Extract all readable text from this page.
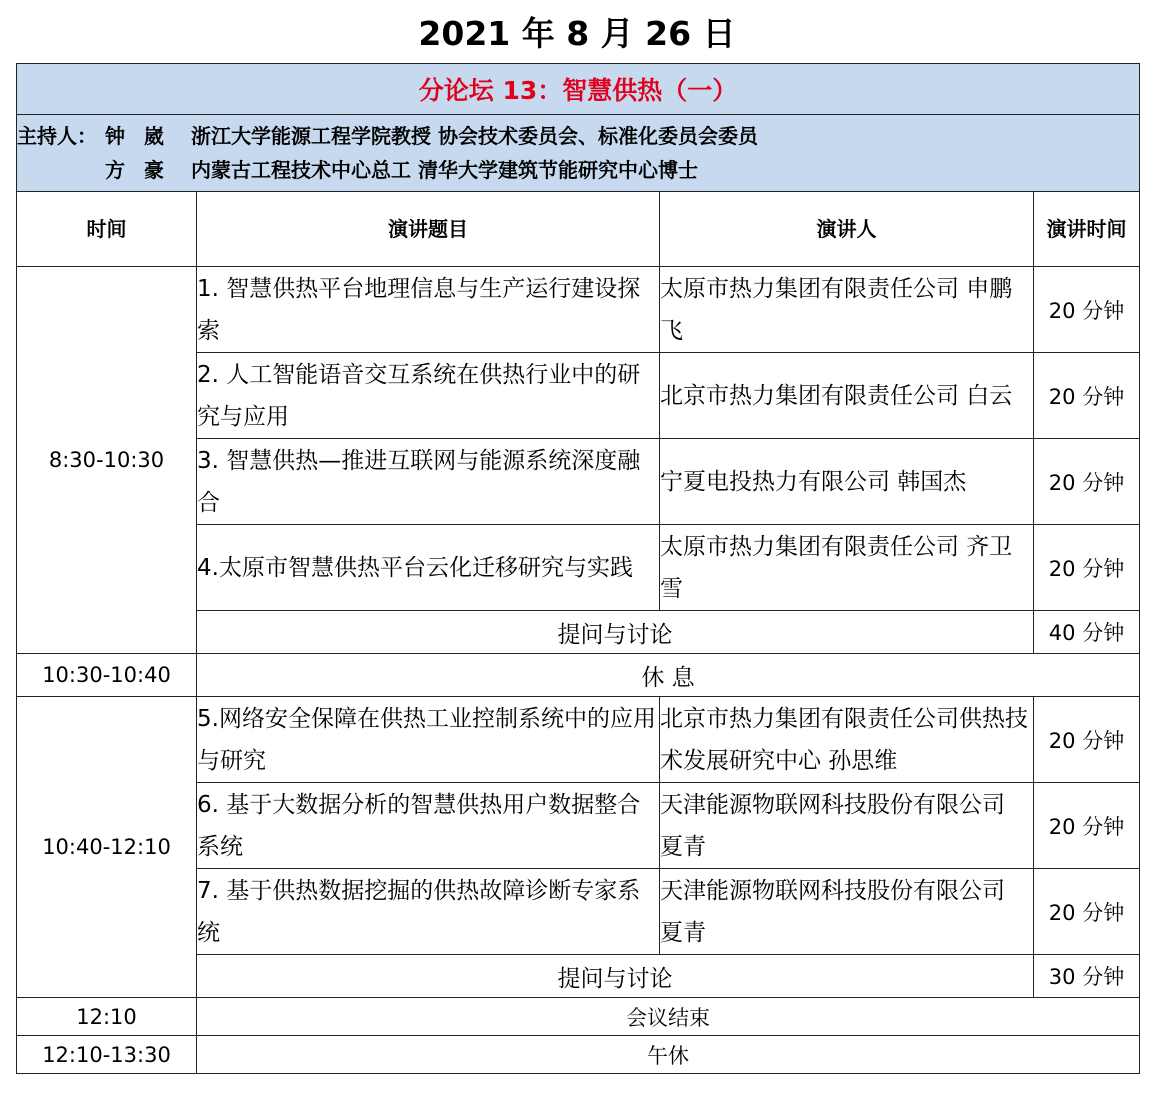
2021 年 8 月 26 日
分论坛 13：智慧供热（一）			

主持人： 钟 崴 浙江大学能源工程学院教授 协会技术委员会、标准化委员会委员
方 豪 内蒙古工程技术中心总工 清华大学建筑节能研究中心博士			

时间	演讲题目	演讲人	演讲时间
8:30-10:30	1. 智慧供热平台地理信息与生产运行建设探索	太原市热力集团有限责任公司 申鹏飞	20 分钟
	2. 人工智能语音交互系统在供热行业中的研究与应用	北京市热力集团有限责任公司 白云	20 分钟
	3. 智慧供热—推进互联网与能源系统深度融合	宁夏电投热力有限公司 韩国杰	20 分钟
	4.太原市智慧供热平台云化迁移研究与实践	太原市热力集团有限责任公司 齐卫雪	20 分钟
	提问与讨论		40 分钟
10:30-10:40	休 息		
10:40-12:10	5.网络安全保障在供热工业控制系统中的应用与研究	北京市热力集团有限责任公司供热技术发展研究中心 孙思维	20 分钟
	6. 基于大数据分析的智慧供热用户数据整合系统	天津能源物联网科技股份有限公司 夏青	20 分钟
	7. 基于供热数据挖掘的供热故障诊断专家系统	天津能源物联网科技股份有限公司 夏青	20 分钟
	提问与讨论		30 分钟
12:10	会议结束		
12:10-13:30	午休		
